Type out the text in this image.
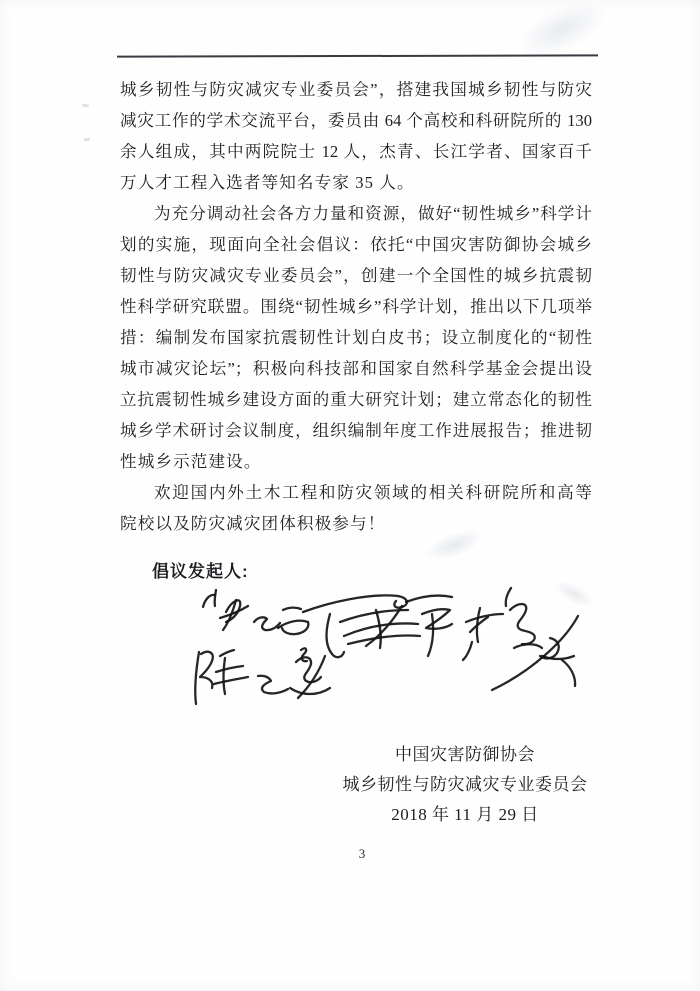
城乡韧性与防灾减灾专业委员会”，搭建我国城乡韧性与防灾
减灾工作的学术交流平台，委员由 64 个高校和科研院所的 130
余人组成，其中两院院士 12 人，杰青、长江学者、国家百千
万人才工程入选者等知名专家 35 人。
为充分调动社会各方力量和资源，做好“韧性城乡”科学计
划的实施，现面向全社会倡议：依托“中国灾害防御协会城乡
韧性与防灾减灾专业委员会”，创建一个全国性的城乡抗震韧
性科学研究联盟。围绕“韧性城乡”科学计划，推出以下几项举
措：编制发布国家抗震韧性计划白皮书；设立制度化的“韧性
城市减灾论坛”；积极向科技部和国家自然科学基金会提出设
立抗震韧性城乡建设方面的重大研究计划；建立常态化的韧性
城乡学术研讨会议制度，组织编制年度工作进展报告；推进韧
性城乡示范建设。
欢迎国内外土木工程和防灾领域的相关科研院所和高等
院校以及防灾减灾团体积极参与！
倡议发起人:
中国灾害防御协会
城乡韧性与防灾减灾专业委员会
2018 年 11 月 29 日
3
